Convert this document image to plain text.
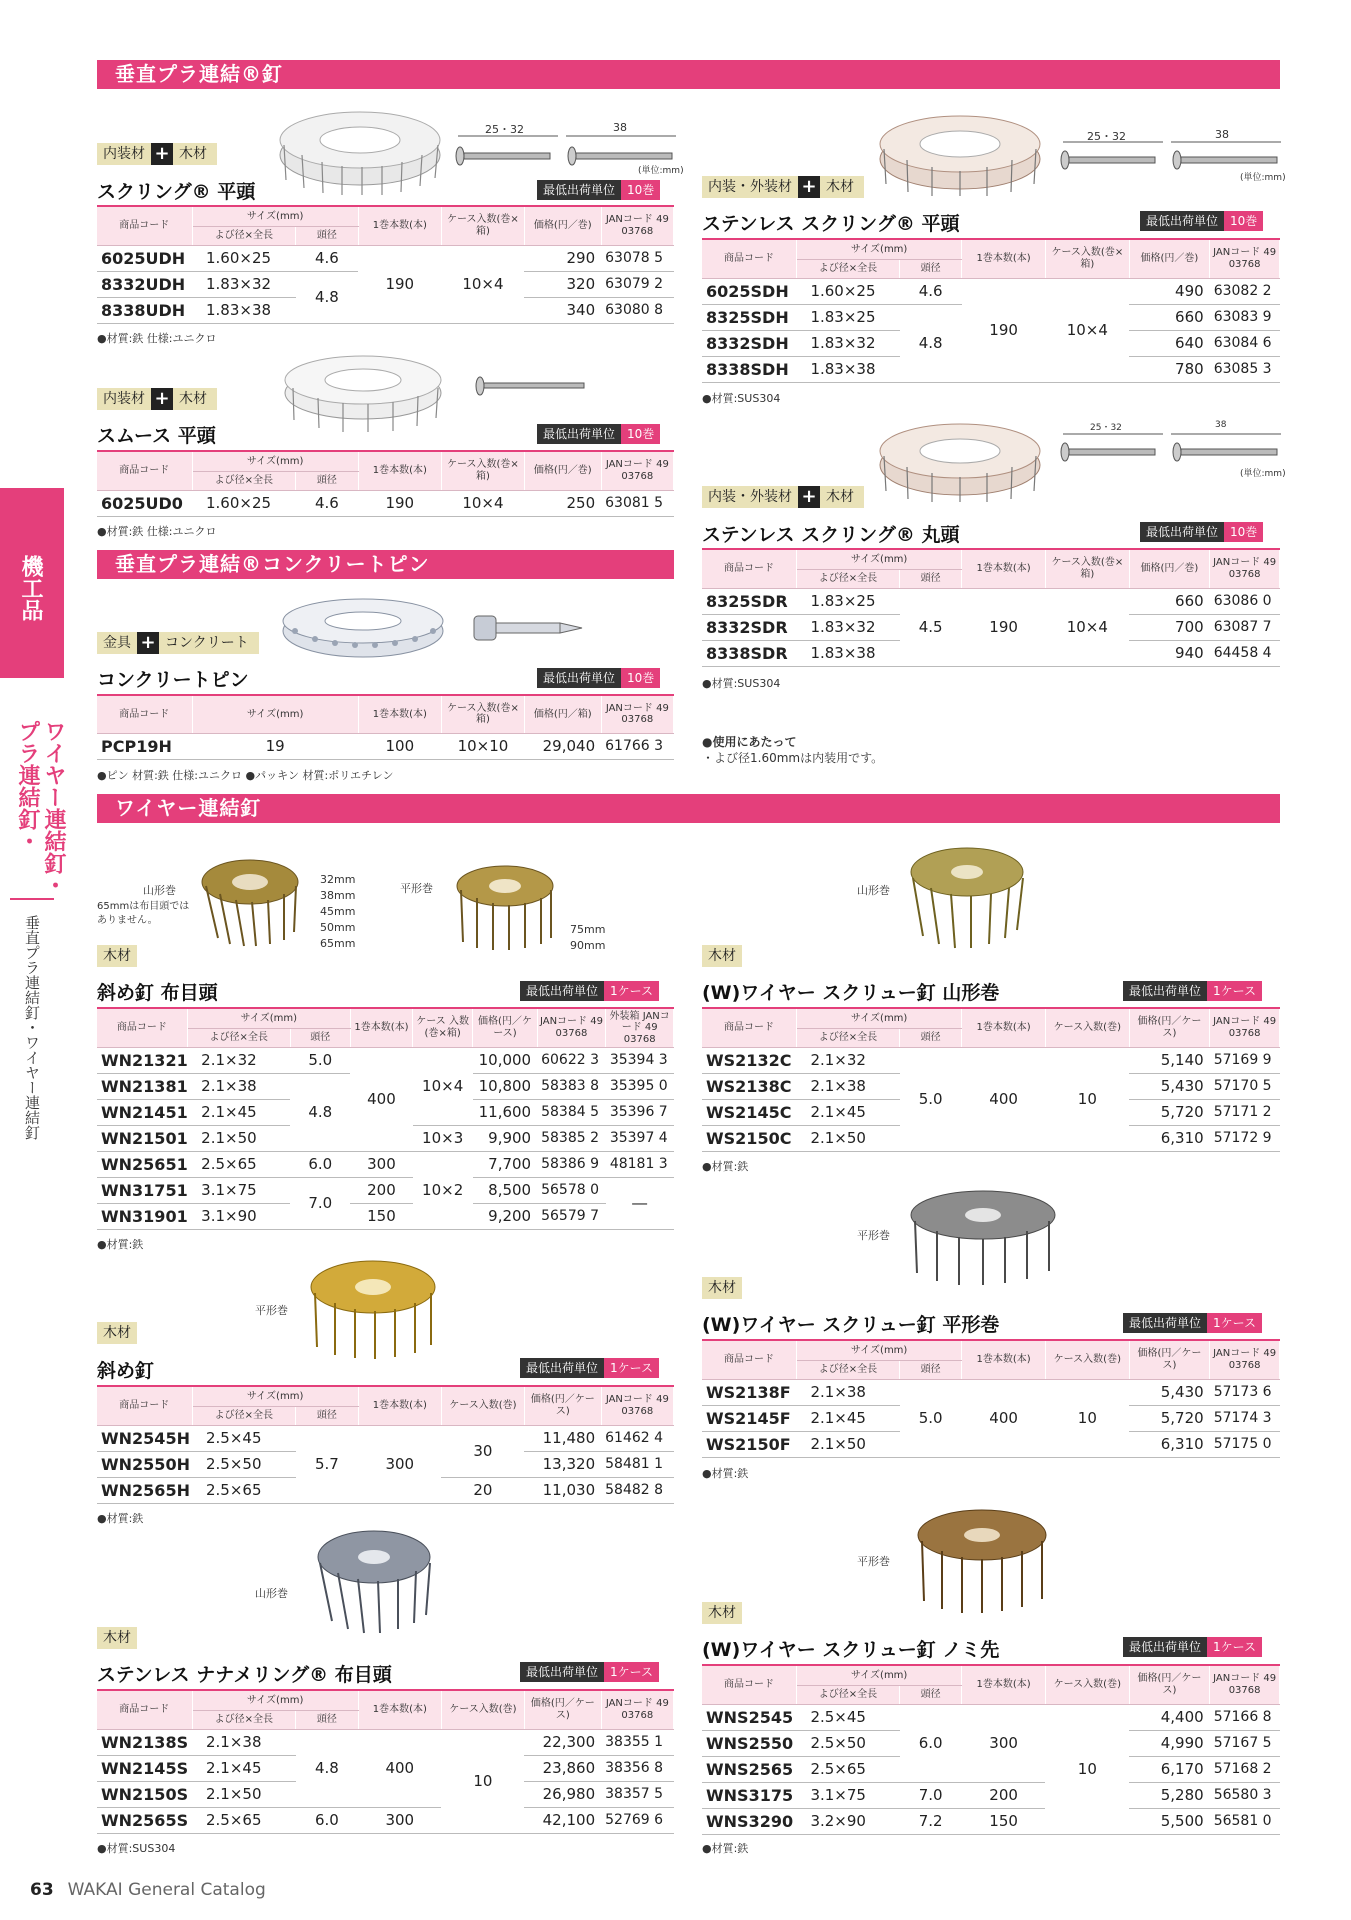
機工品
ワイヤー連結釘・プラ連結釘・
垂直プラ連結釘・ワイヤー連結釘
垂直プラ連結®釘
25・32	38
(単位:mm)
内装材 + 木材
スクリング® 平頭	最低出荷単位	10巻
商品コード	サイズ(mm)		1巻本数(本)	ケース入数(巻×箱)	価格(円／巻)	JANコード 49 03768
	よび径×全長	頭径				
6025UDH	1.60×25	4.6	190	10×4	290	63078 5
8332UDH	1.83×32	4.8			320	63079 2
8338UDH	1.83×38				340	63080 8
●材質:鉄 仕様:ユニクロ
内装材 + 木材
スムース 平頭	最低出荷単位	10巻
商品コード	サイズ(mm)		1巻本数(本)	ケース入数(巻×箱)	価格(円／巻)	JANコード 49 03768
	よび径×全長	頭径				
6025UD0	1.60×25	4.6	190	10×4	250	63081 5
●材質:鉄 仕様:ユニクロ
垂直プラ連結®コンクリートピン
金具 + コンクリート
コンクリートピン	最低出荷単位	10巻
商品コード	サイズ(mm)	1巻本数(本)	ケース入数(巻×箱)	価格(円／箱)	JANコード 49 03768
PCP19H	19	100	10×10	29,040	61766 3
●ピン 材質:鉄 仕様:ユニクロ ●パッキン 材質:ポリエチレン
25・32	38
(単位:mm)
内装・外装材 + 木材
ステンレス スクリング® 平頭	最低出荷単位	10巻
商品コード	サイズ(mm)		1巻本数(本)	ケース入数(巻×箱)	価格(円／巻)	JANコード 49 03768
	よび径×全長	頭径				
6025SDH	1.60×25	4.6	190	10×4	490	63082 2
8325SDH	1.83×25	4.8			660	63083 9
8332SDH	1.83×32				640	63084 6
8338SDH	1.83×38				780	63085 3
●材質:SUS304
25・32	38
(単位:mm)
内装・外装材 + 木材
ステンレス スクリング® 丸頭	最低出荷単位	10巻
商品コード	サイズ(mm)		1巻本数(本)	ケース入数(巻×箱)	価格(円／巻)	JANコード 49 03768
	よび径×全長	頭径				
8325SDR	1.83×25	4.5	190	10×4	660	63086 0
8332SDR	1.83×32				700	63087 7
8338SDR	1.83×38				940	64458 4
●材質:SUS304
●使用にあたって
・よび径1.60mmは内装用です。
ワイヤー連結釘
山形巻
65mmは布目頭ではありません。
32mm 38mm 45mm 50mm 65mm
平形巻
75mm 90mm
木材
斜め釘 布目頭	最低出荷単位	1ケース
商品コード	サイズ(mm)		1巻本数(本)	ケース 入数 (巻×箱)	価格(円／ケース)	JANコード 49 03768	外装箱 JANコード 49 03768
	よび径×全長	頭径					
WN21321	2.1×32	5.0	400	10×4	10,000	60622 3	35394 3
WN21381	2.1×38	4.8			10,800	58383 8	35395 0
WN21451	2.1×45				11,600	58384 5	35396 7
WN21501	2.1×50			10×3	9,900	58385 2	35397 4
WN25651	2.5×65	6.0	300	10×2	7,700	58386 9	48181 3
WN31751	3.1×75	7.0	200		8,500	56578 0	―
WN31901	3.1×90		150		9,200	56579 7	
●材質:鉄
平形巻
木材
斜め釘	最低出荷単位	1ケース
商品コード	サイズ(mm)		1巻本数(本)	ケース入数(巻)	価格(円／ケース)	JANコード 49 03768
	よび径×全長	頭径				
WN2545H	2.5×45	5.7	300	30	11,480	61462 4
WN2550H	2.5×50				13,320	58481 1
WN2565H	2.5×65			20	11,030	58482 8
●材質:鉄
山形巻
木材
ステンレス ナナメリング® 布目頭	最低出荷単位	1ケース
商品コード	サイズ(mm)		1巻本数(本)	ケース入数(巻)	価格(円／ケース)	JANコード 49 03768
	よび径×全長	頭径				
WN2138S	2.1×38	4.8	400	10	22,300	38355 1
WN2145S	2.1×45				23,860	38356 8
WN2150S	2.1×50				26,980	38357 5
WN2565S	2.5×65	6.0	300		42,100	52769 6
●材質:SUS304
山形巻
木材
(W)ワイヤー スクリュー釘 山形巻	最低出荷単位	1ケース
商品コード	サイズ(mm)		1巻本数(本)	ケース入数(巻)	価格(円／ケース)	JANコード 49 03768
	よび径×全長	頭径				
WS2132C	2.1×32	5.0	400	10	5,140	57169 9
WS2138C	2.1×38				5,430	57170 5
WS2145C	2.1×45				5,720	57171 2
WS2150C	2.1×50				6,310	57172 9
●材質:鉄
平形巻
木材
(W)ワイヤー スクリュー釘 平形巻	最低出荷単位	1ケース
商品コード	サイズ(mm)		1巻本数(本)	ケース入数(巻)	価格(円／ケース)	JANコード 49 03768
	よび径×全長	頭径				
WS2138F	2.1×38	5.0	400	10	5,430	57173 6
WS2145F	2.1×45				5,720	57174 3
WS2150F	2.1×50				6,310	57175 0
●材質:鉄
平形巻
木材
(W)ワイヤー スクリュー釘 ノミ先	最低出荷単位	1ケース
商品コード	サイズ(mm)		1巻本数(本)	ケース入数(巻)	価格(円／ケース)	JANコード 49 03768
	よび径×全長	頭径				
WNS2545	2.5×45	6.0	300	10	4,400	57166 8
WNS2550	2.5×50				4,990	57167 5
WNS2565	2.5×65				6,170	57168 2
WNS3175	3.1×75	7.0	200		5,280	56580 3
WNS3290	3.2×90	7.2	150		5,500	56581 0
●材質:鉄
63 WAKAI General Catalog
